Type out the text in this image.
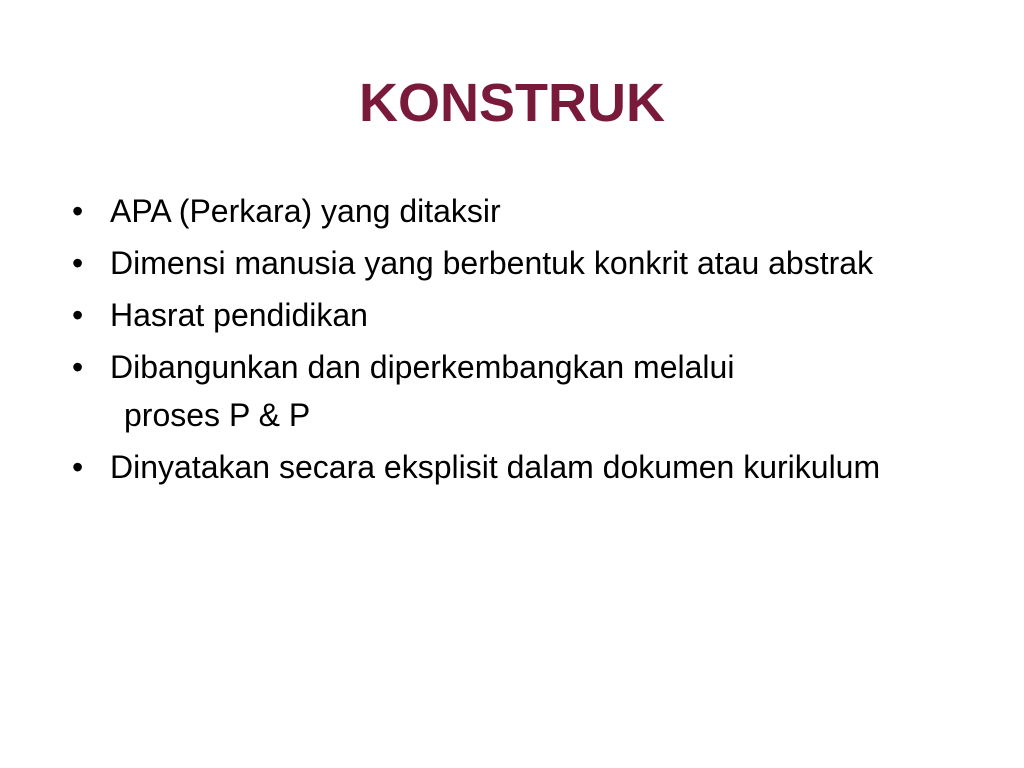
KONSTRUK
• APA (Perkara) yang ditaksir
• Dimensi manusia yang berbentuk konkrit atau abstrak
• Hasrat pendidikan
• Dibangunkan dan diperkembangkan melalui
proses P & P
• Dinyatakan secara eksplisit dalam dokumen kurikulum
